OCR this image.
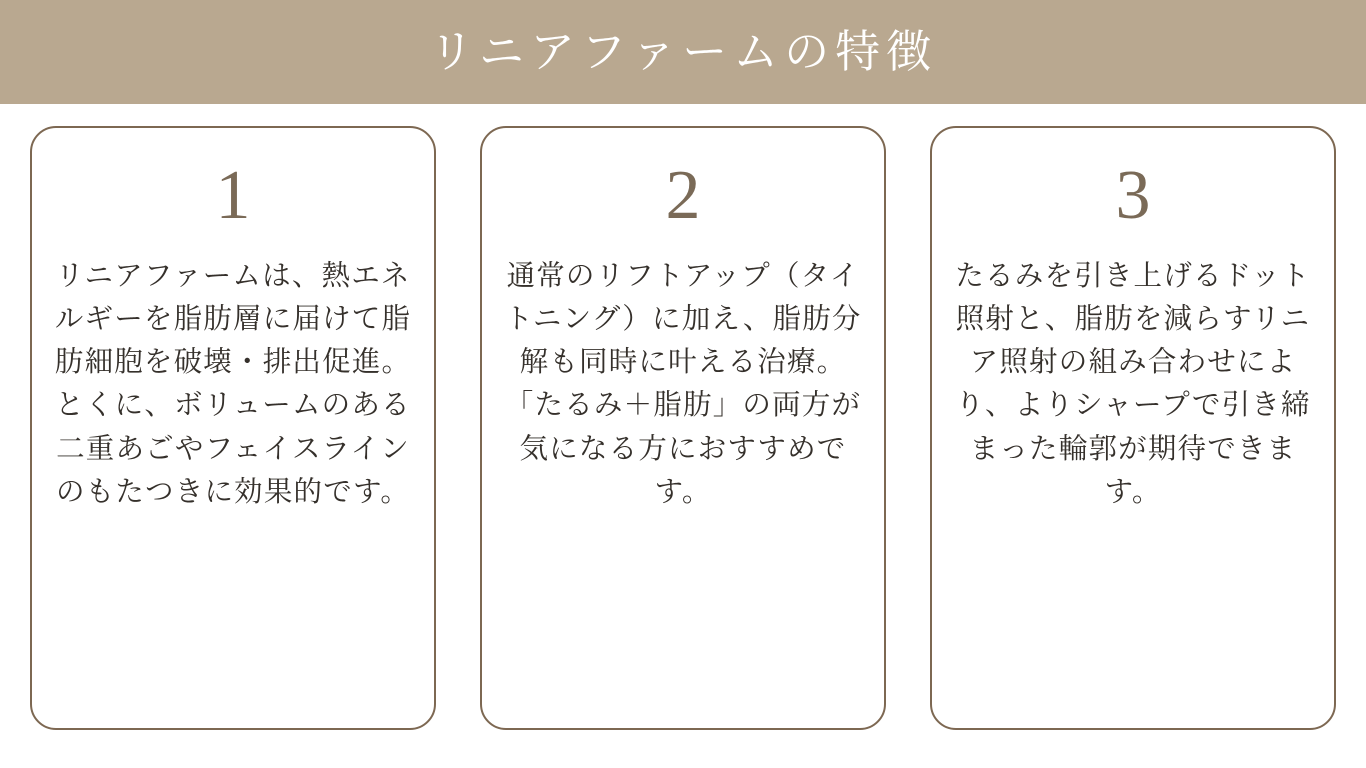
リニアファームの特徴
1
リニアファームは、熱エネルギーを脂肪層に届けて脂肪細胞を破壊・排出促進。とくに、ボリュームのある二重あごやフェイスラインのもたつきに効果的です。
2
通常のリフトアップ（タイトニング）に加え、脂肪分解も同時に叶える治療。「たるみ＋脂肪」の両方が気になる方におすすめです。
3
たるみを引き上げるドット照射と、脂肪を減らすリニア照射の組み合わせにより、よりシャープで引き締まった輪郭が期待できます。
